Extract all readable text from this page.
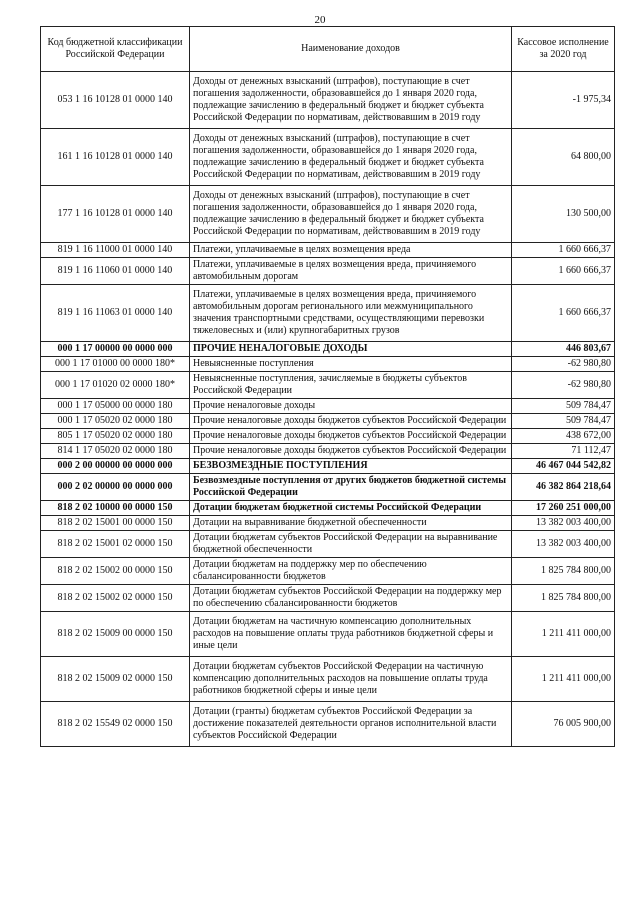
20
Код бюджетной классификации Российской Федерации	Наименование доходов	Кассовое исполнение за 2020 год
053 1 16 10128 01 0000 140	Доходы от денежных взысканий (штрафов), поступающие в счет погашения задолженности, образовавшейся до 1 января 2020 года, подлежащие зачислению в федеральный бюджет и бюджет субъекта Российской Федерации по нормативам, действовавшим в 2019 году	-1 975,34
161 1 16 10128 01 0000 140	Доходы от денежных взысканий (штрафов), поступающие в счет погашения задолженности, образовавшейся до 1 января 2020 года, подлежащие зачислению в федеральный бюджет и бюджет субъекта Российской Федерации по нормативам, действовавшим в 2019 году	64 800,00
177 1 16 10128 01 0000 140	Доходы от денежных взысканий (штрафов), поступающие в счет погашения задолженности, образовавшейся до 1 января 2020 года, подлежащие зачислению в федеральный бюджет и бюджет субъекта Российской Федерации по нормативам, действовавшим в 2019 году	130 500,00
819 1 16 11000 01 0000 140	Платежи, уплачиваемые в целях возмещения вреда	1 660 666,37
819 1 16 11060 01 0000 140	Платежи, уплачиваемые в целях возмещения вреда, причиняемого автомобильным дорогам	1 660 666,37
819 1 16 11063 01 0000 140	Платежи, уплачиваемые в целях возмещения вреда, причиняемого автомобильным дорогам регионального или межмуниципального значения транспортными средствами, осуществляющими перевозки тяжеловесных и (или) крупногабаритных грузов	1 660 666,37
000 1 17 00000 00 0000 000	ПРОЧИЕ НЕНАЛОГОВЫЕ ДОХОДЫ	446 803,67
000 1 17 01000 00 0000 180*	Невыясненные поступления	-62 980,80
000 1 17 01020 02 0000 180*	Невыясненные поступления, зачисляемые в бюджеты субъектов Российской Федерации	-62 980,80
000 1 17 05000 00 0000 180	Прочие неналоговые доходы	509 784,47
000 1 17 05020 02 0000 180	Прочие неналоговые доходы бюджетов субъектов Российской Федерации	509 784,47
805 1 17 05020 02 0000 180	Прочие неналоговые доходы бюджетов субъектов Российской Федерации	438 672,00
814 1 17 05020 02 0000 180	Прочие неналоговые доходы бюджетов субъектов Российской Федерации	71 112,47
000 2 00 00000 00 0000 000	БЕЗВОЗМЕЗДНЫЕ ПОСТУПЛЕНИЯ	46 467 044 542,82
000 2 02 00000 00 0000 000	Безвозмездные поступления от других бюджетов бюджетной системы Российской Федерации	46 382 864 218,64
818 2 02 10000 00 0000 150	Дотации бюджетам бюджетной системы Российской Федерации	17 260 251 000,00
818 2 02 15001 00 0000 150	Дотации на выравнивание бюджетной обеспеченности	13 382 003 400,00
818 2 02 15001 02 0000 150	Дотации бюджетам субъектов Российской Федерации на выравнивание бюджетной обеспеченности	13 382 003 400,00
818 2 02 15002 00 0000 150	Дотации бюджетам на поддержку мер по обеспечению сбалансированности бюджетов	1 825 784 800,00
818 2 02 15002 02 0000 150	Дотации бюджетам субъектов Российской Федерации на поддержку мер по обеспечению сбалансированности бюджетов	1 825 784 800,00
818 2 02 15009 00 0000 150	Дотации бюджетам на частичную компенсацию дополнительных расходов на повышение оплаты труда работников бюджетной сферы и иные цели	1 211 411 000,00
818 2 02 15009 02 0000 150	Дотации бюджетам субъектов Российской Федерации на частичную компенсацию дополнительных расходов на повышение оплаты труда работников бюджетной сферы и иные цели	1 211 411 000,00
818 2 02 15549 02 0000 150	Дотации (гранты) бюджетам субъектов Российской Федерации за достижение показателей деятельности органов исполнительной власти субъектов Российской Федерации	76 005 900,00
